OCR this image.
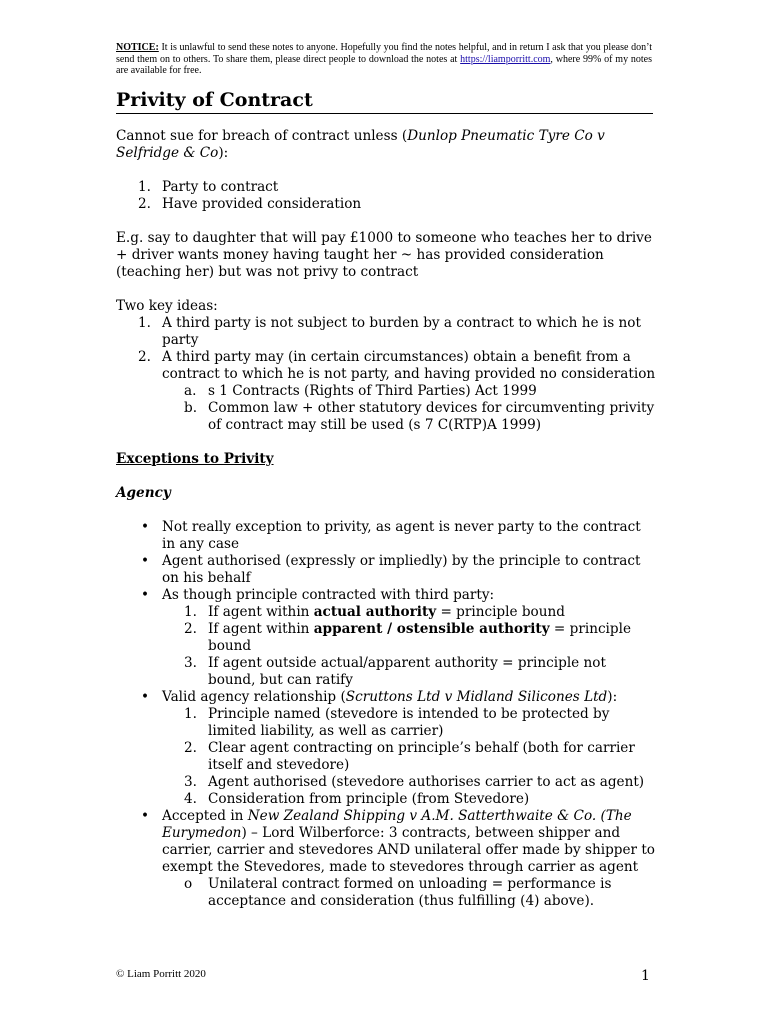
NOTICE: It is unlawful to send these notes to anyone. Hopefully you find the notes helpful, and in return I ask that you please don’t send them on to others. To share them, please direct people to download the notes at https://liamporritt.com, where 99% of my notes are available for free.
Privity of Contract

Cannot sue for breach of contract unless (Dunlop Pneumatic Tyre Co v Selfridge & Co):

1. Party to contract
2. Have provided consideration

E.g. say to daughter that will pay £1000 to someone who teaches her to drive + driver wants money having taught her ~ has provided consideration (teaching her) but was not privy to contract

Two key ideas:

1. A third party is not subject to burden by a contract to which he is not party
2. A third party may (in certain circumstances) obtain a benefit from a contract to which he is not party, and having provided no consideration
a. s 1 Contracts (Rights of Third Parties) Act 1999
b. Common law + other statutory devices for circumventing privity of contract may still be used (s 7 C(RTP)A 1999)

Exceptions to Privity

Agency

• Not really exception to privity, as agent is never party to the contract in any case
• Agent authorised (expressly or impliedly) by the principle to contract on his behalf
• As though principle contracted with third party:
1. If agent within actual authority = principle bound
2. If agent within apparent / ostensible authority = principle bound
3. If agent outside actual/apparent authority = principle not bound, but can ratify
• Valid agency relationship (Scruttons Ltd v Midland Silicones Ltd):
1. Principle named (stevedore is intended to be protected by limited liability, as well as carrier)
2. Clear agent contracting on principle’s behalf (both for carrier itself and stevedore)
3. Agent authorised (stevedore authorises carrier to act as agent)
4. Consideration from principle (from Stevedore)
• Accepted in New Zealand Shipping v A.M. Satterthwaite & Co. (The Eurymedon) – Lord Wilberforce: 3 contracts, between shipper and carrier, carrier and stevedores AND unilateral offer made by shipper to exempt the Stevedores, made to stevedores through carrier as agent
o Unilateral contract formed on unloading = performance is acceptance and consideration (thus fulfilling (4) above).
© Liam Porritt 2020	1
